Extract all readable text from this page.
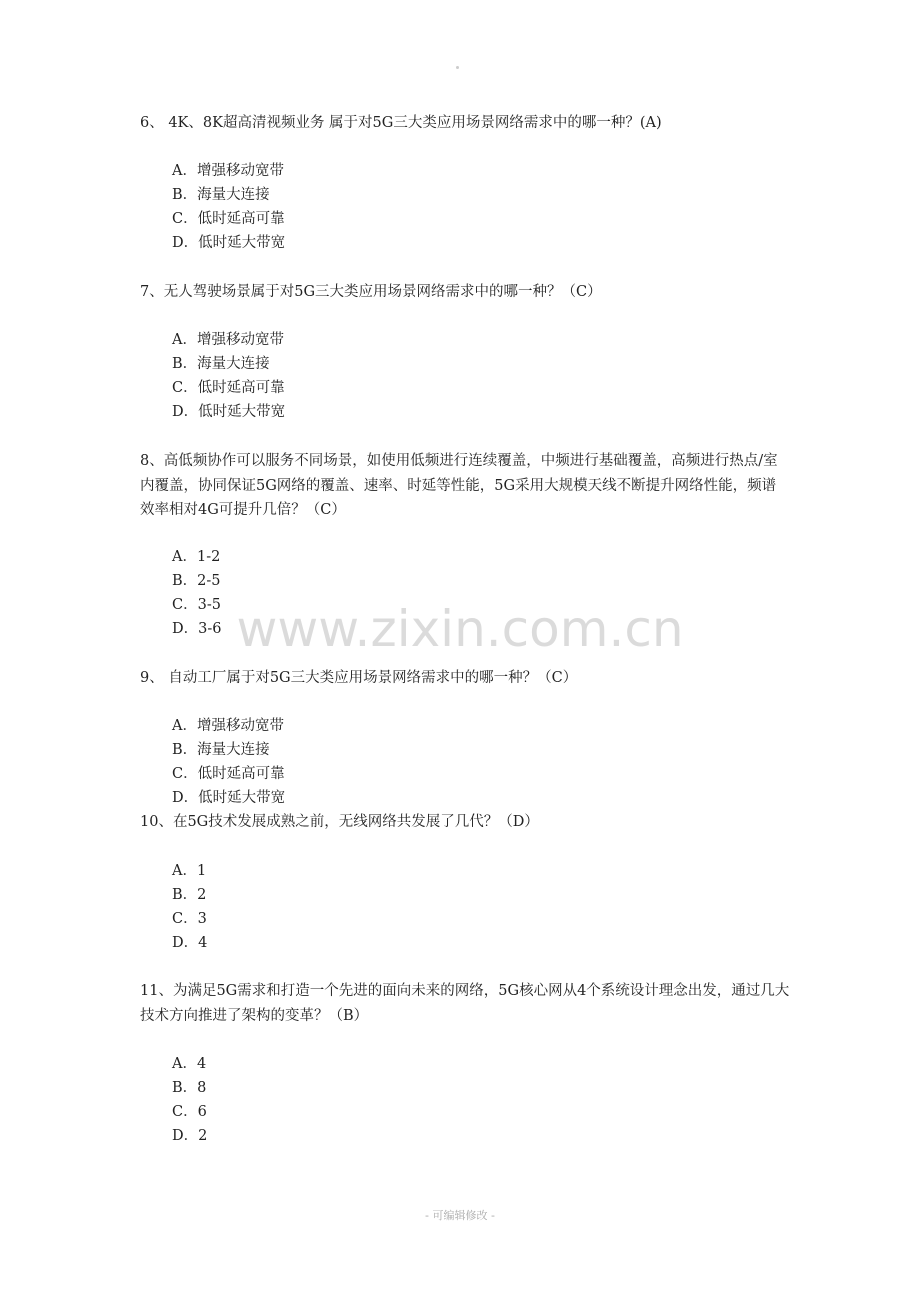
www.zixin.com.cn
6、 4K、8K超高清视频业务 属于对5G三大类应用场景网络需求中的哪一种？(A)
A．增强移动宽带
B．海量大连接
C．低时延高可靠
D．低时延大带宽
7、无人驾驶场景属于对5G三大类应用场景网络需求中的哪一种？（C）
A．增强移动宽带
B．海量大连接
C．低时延高可靠
D．低时延大带宽
8、高低频协作可以服务不同场景，如使用低频进行连续覆盖，中频进行基础覆盖，高频进行热点/室内覆盖，协同保证5G网络的覆盖、速率、时延等性能，5G采用大规模天线不断提升网络性能，频谱效率相对4G可提升几倍？（C）
A．1-2
B．2-5
C．3-5
D．3-6
9、 自动工厂属于对5G三大类应用场景网络需求中的哪一种？（C）
A．增强移动宽带
B．海量大连接
C．低时延高可靠
D．低时延大带宽
10、在5G技术发展成熟之前，无线网络共发展了几代？（D）
A．1
B．2
C．3
D．4
11、为满足5G需求和打造一个先进的面向未来的网络，5G核心网从4个系统设计理念出发，通过几大技术方向推进了架构的变革？（B）
A．4
B．8
C．6
D．2
- 可编辑修改 -
